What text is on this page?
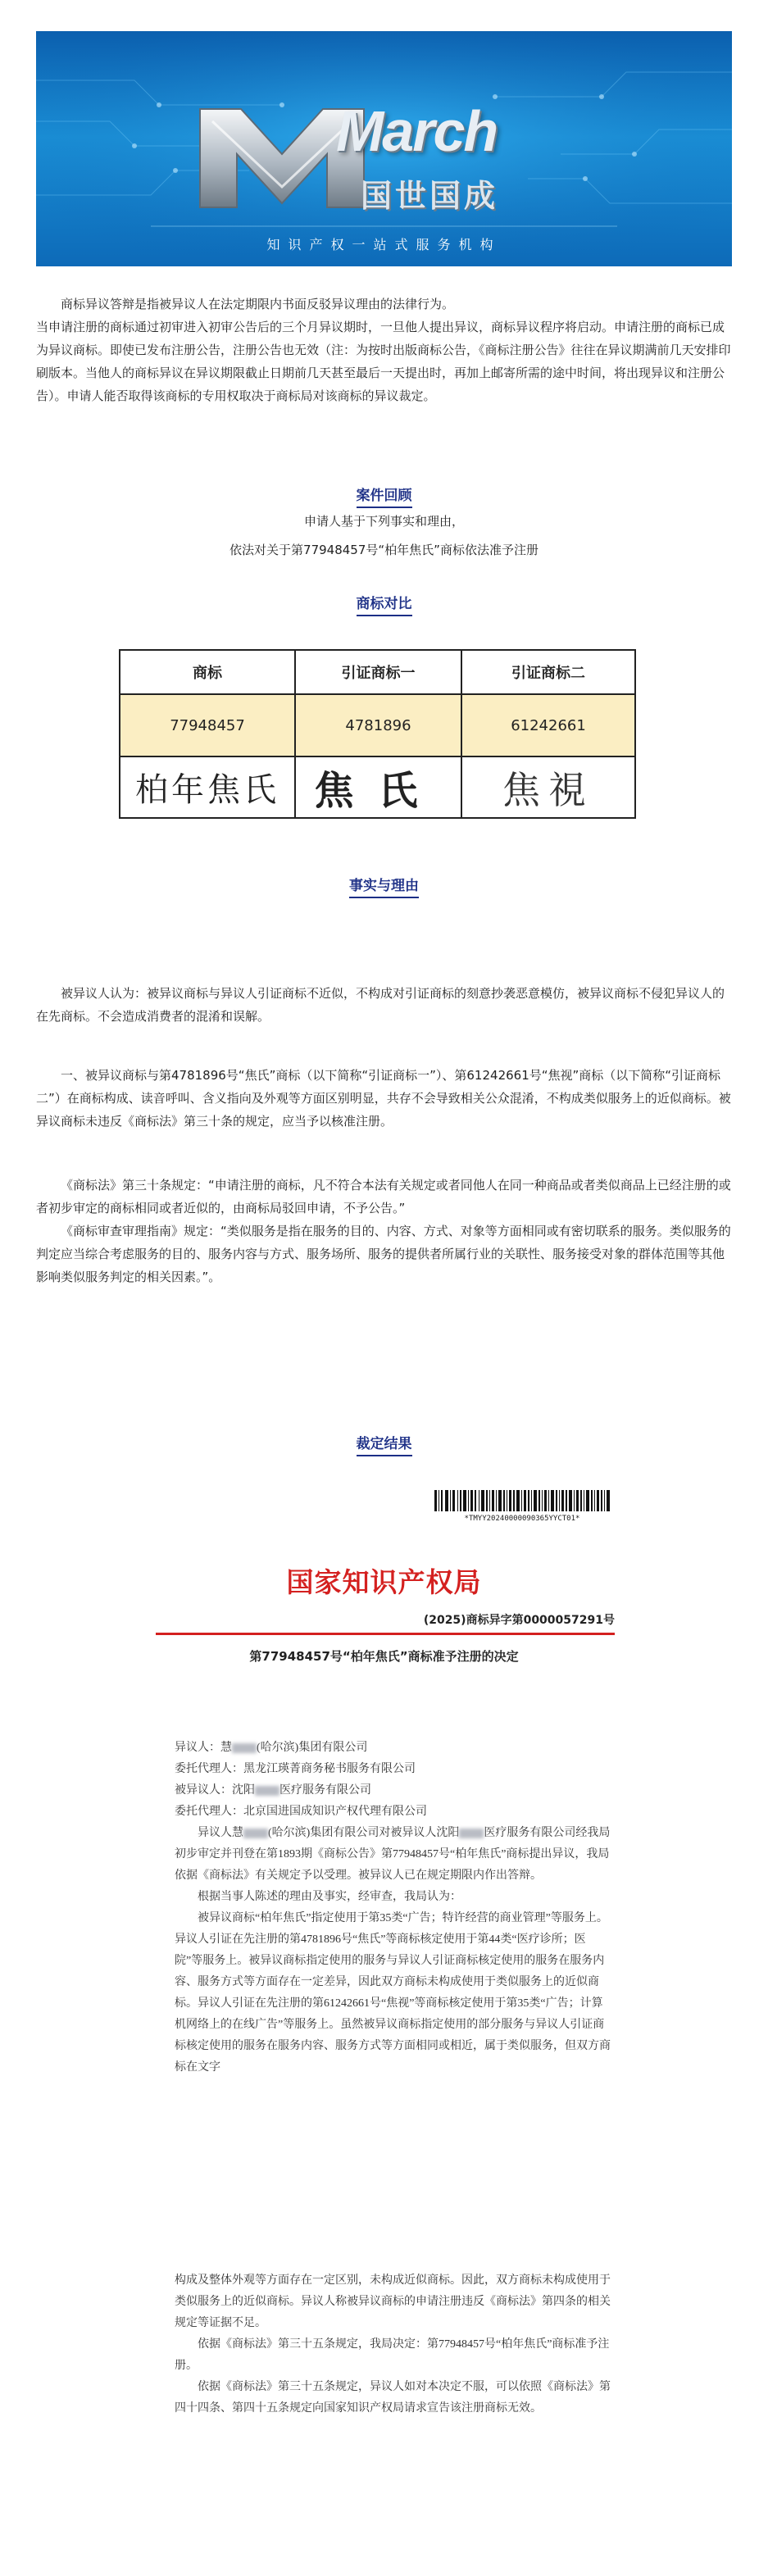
March
国世国成
知识产权一站式服务机构

商标异议答辩是指被异议人在法定期限内书面反驳异议理由的法律行为。

当申请注册的商标通过初审进入初审公告后的三个月异议期时，一旦他人提出异议，商标异议程序将启动。申请注册的商标已成为异议商标。即使已发布注册公告，注册公告也无效（注：为按时出版商标公告，《商标注册公告》往往在异议期满前几天安排印刷版本。当他人的商标异议在异议期限截止日期前几天甚至最后一天提出时，再加上邮寄所需的途中时间，将出现异议和注册公告）。申请人能否取得该商标的专用权取决于商标局对该商标的异议裁定。

案件回顾
申请人基于下列事实和理由，
依法对关于第77948457号“柏年焦氏”商标依法准予注册
商标对比
商标	引证商标一	引证商标二
77948457	4781896	61242661
柏年焦氏	焦氏	焦視
事实与理由

被异议人认为：被异议商标与异议人引证商标不近似，不构成对引证商标的刻意抄袭恶意模仿，被异议商标不侵犯异议人的在先商标。不会造成消费者的混淆和误解。

一、被异议商标与第4781896号“焦氏”商标（以下简称“引证商标一”）、第61242661号“焦视”商标（以下简称“引证商标二”）在商标构成、读音呼叫、含义指向及外观等方面区别明显，共存不会导致相关公众混淆，不构成类似服务上的近似商标。被异议商标未违反《商标法》第三十条的规定，应当予以核准注册。

《商标法》第三十条规定：“申请注册的商标，凡不符合本法有关规定或者同他人在同一种商品或者类似商品上已经注册的或者初步审定的商标相同或者近似的，由商标局驳回申请，不予公告。”

《商标审查审理指南》规定：“类似服务是指在服务的目的、内容、方式、对象等方面相同或有密切联系的服务。类似服务的判定应当综合考虑服务的目的、服务内容与方式、服务场所、服务的提供者所属行业的关联性、服务接受对象的群体范围等其他影响类似服务判定的相关因素。”。

裁定结果
*TMYY20240000090365YYCT01*
国家知识产权局
(2025)商标异字第0000057291号
第77948457号“柏年焦氏”商标准予注册的决定
异议人：慧 (哈尔滨)集团有限公司
委托代理人：黑龙江瑛菁商务秘书服务有限公司
被异议人：沈阳 医疗服务有限公司
委托代理人：北京国进国成知识产权代理有限公司

异议人慧 (哈尔滨)集团有限公司对被异议人沈阳 医疗服务有限公司经我局初步审定并刊登在第1893期《商标公告》第77948457号“柏年焦氏”商标提出异议，我局依据《商标法》有关规定予以受理。被异议人已在规定期限内作出答辩。

根据当事人陈述的理由及事实，经审查，我局认为：

被异议商标“柏年焦氏”指定使用于第35类“广告；特许经营的商业管理”等服务上。异议人引证在先注册的第4781896号“焦氏”等商标核定使用于第44类“医疗诊所；医院”等服务上。被异议商标指定使用的服务与异议人引证商标核定使用的服务在服务内容、服务方式等方面存在一定差异，因此双方商标未构成使用于类似服务上的近似商标。异议人引证在先注册的第61242661号“焦视”等商标核定使用于第35类“广告；计算机网络上的在线广告”等服务上。虽然被异议商标指定使用的部分服务与异议人引证商标核定使用的服务在服务内容、服务方式等方面相同或相近，属于类似服务，但双方商标在文字

构成及整体外观等方面存在一定区别，未构成近似商标。因此，双方商标未构成使用于类似服务上的近似商标。异议人称被异议商标的申请注册违反《商标法》第四条的相关规定等证据不足。

依据《商标法》第三十五条规定，我局决定：第77948457号“柏年焦氏”商标准予注册。

依据《商标法》第三十五条规定，异议人如对本决定不服，可以依照《商标法》第四十四条、第四十五条规定向国家知识产权局请求宣告该注册商标无效。
